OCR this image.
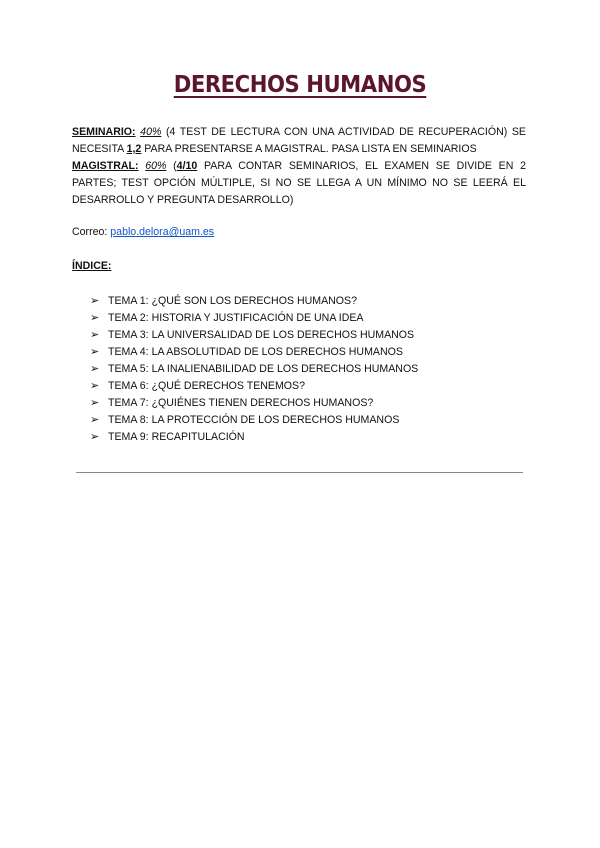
DERECHOS HUMANOS
SEMINARIO: 40% (4 TEST DE LECTURA CON UNA ACTIVIDAD DE RECUPERACIÓN) SE NECESITA 1,2 PARA PRESENTARSE A MAGISTRAL. PASA LISTA EN SEMINARIOS
MAGISTRAL: 60% (4/10 PARA CONTAR SEMINARIOS, EL EXAMEN SE DIVIDE EN 2 PARTES; TEST OPCIÓN MÚLTIPLE, SI NO SE LLEGA A UN MÍNIMO NO SE LEERÁ EL DESARROLLO Y PREGUNTA DESARROLLO)
Correo: pablo.delora@uam.es
ÍNDICE:
➢ TEMA 1: ¿QUÉ SON LOS DERECHOS HUMANOS?
➢ TEMA 2: HISTORIA Y JUSTIFICACIÓN DE UNA IDEA
➢ TEMA 3: LA UNIVERSALIDAD DE LOS DERECHOS HUMANOS
➢ TEMA 4: LA ABSOLUTIDAD DE LOS DERECHOS HUMANOS
➢ TEMA 5: LA INALIENABILIDAD DE LOS DERECHOS HUMANOS
➢ TEMA 6: ¿QUÉ DERECHOS TENEMOS?
➢ TEMA 7: ¿QUIÉNES TIENEN DERECHOS HUMANOS?
➢ TEMA 8: LA PROTECCIÓN DE LOS DERECHOS HUMANOS
➢ TEMA 9: RECAPITULACIÓN
